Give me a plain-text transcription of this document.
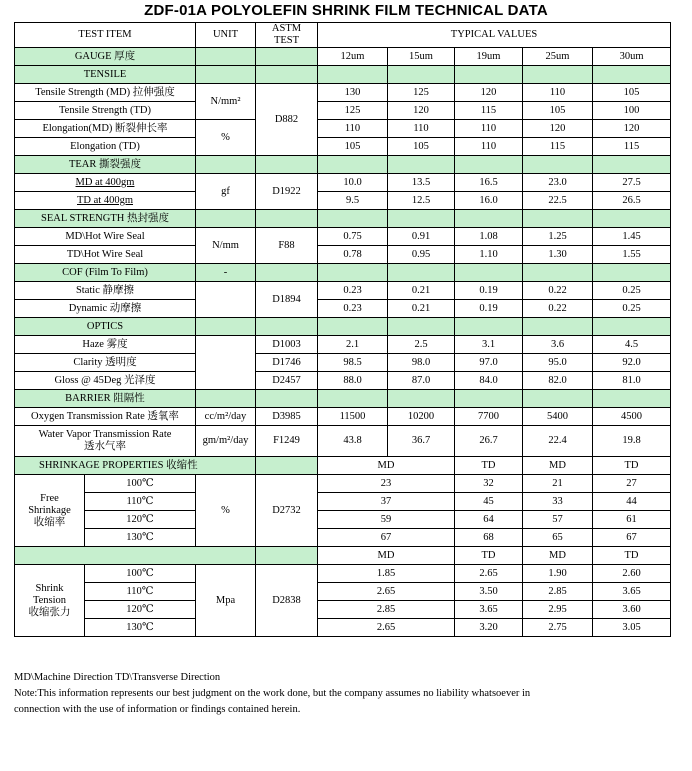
ZDF-01A POLYOLEFIN SHRINK FILM TECHNICAL DATA
TEST ITEM		UNIT	ASTM
TEST	TYPICAL VALUES				
GAUGE 厚度				12um	15um	19um	25um	30um
TENSILE								
Tensile Strength (MD) 拉伸强度		N/mm²	D882	130	125	120	110	105
Tensile Strength (TD)				125	120	115	105	100
Elongation(MD) 断裂伸长率		%		110	110	110	120	120
Elongation (TD)				105	105	110	115	115
TEAR 撕裂强度								
MD at 400gm		gf	D1922	10.0	13.5	16.5	23.0	27.5
TD at 400gm				9.5	12.5	16.0	22.5	26.5
SEAL STRENGTH 热封强度								
MD\Hot Wire Seal		N/mm	F88	0.75	0.91	1.08	1.25	1.45
TD\Hot Wire Seal				0.78	0.95	1.10	1.30	1.55
COF (Film To Film)		-						
Static 静摩擦			D1894	0.23	0.21	0.19	0.22	0.25
Dynamic 动摩擦				0.23	0.21	0.19	0.22	0.25
OPTICS								
Haze 雾度			D1003	2.1	2.5	3.1	3.6	4.5
Clarity 透明度			D1746	98.5	98.0	97.0	95.0	92.0
Gloss @ 45Deg 光泽度			D2457	88.0	87.0	84.0	82.0	81.0
BARRIER 阻隔性								
Oxygen Transmission Rate 透氧率		cc/m²/day	D3985	11500	10200	7700	5400	4500
Water Vapor Transmission Rate
透水气率		gm/m²/day	F1249	43.8	36.7	26.7	22.4	19.8
SHRINKAGE PROPERTIES 收缩性				MD		TD	MD	TD
Free
Shrinkage
收缩率	100℃	%	D2732	23		32	21	27
	110℃			37		45	33	44
	120℃			59		64	57	61
	130℃			67		68	65	67
				MD		TD	MD	TD
Shrink
Tension
收缩张力	100℃	Mpa	D2838	1.85		2.65	1.90	2.60
	110℃			2.65		3.50	2.85	3.65
	120℃			2.85		3.65	2.95	3.60
	130℃			2.65		3.20	2.75	3.05
MD\Machine Direction TD\Transverse Direction
Note:This information represents our best judgment on the work done, but the company assumes no liability whatsoever in
connection with the use of information or findings contained herein.
